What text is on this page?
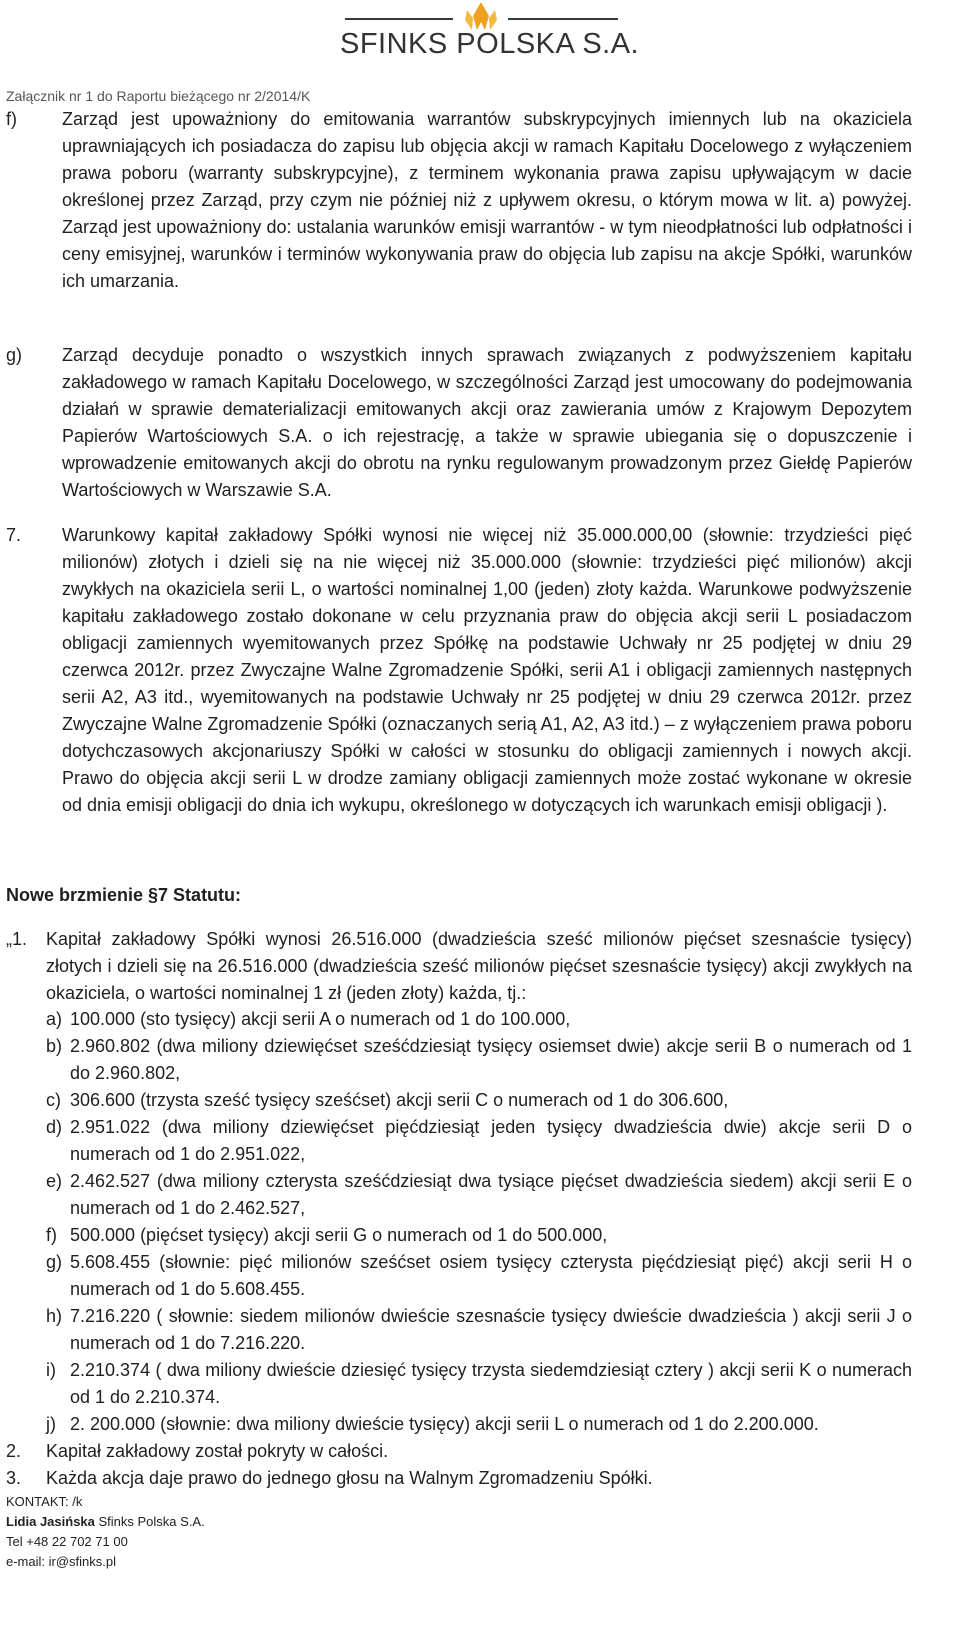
SFINKS POLSKA S.A.
Załącznik nr 1 do Raportu bieżącego nr 2/2014/K
f)	Zarząd jest upoważniony do emitowania warrantów subskrypcyjnych imiennych lub na okaziciela uprawniających ich posiadacza do zapisu lub objęcia akcji w ramach Kapitału Docelowego z wyłączeniem prawa poboru (warranty subskrypcyjne), z terminem wykonania prawa zapisu upływającym w dacie określonej przez Zarząd, przy czym nie później niż z upływem okresu, o którym mowa w lit. a) powyżej. Zarząd jest upoważniony do: ustalania warunków emisji warrantów - w tym nieodpłatności lub odpłatności i ceny emisyjnej, warunków i terminów wykonywania praw do objęcia lub zapisu na akcje Spółki, warunków ich umarzania.
g) Zarząd decyduje ponadto o wszystkich innych sprawach związanych z podwyższeniem kapitału zakładowego w ramach Kapitału Docelowego, w szczególności Zarząd jest umocowany do podejmowania działań w sprawie dematerializacji emitowanych akcji oraz zawierania umów z Krajowym Depozytem Papierów Wartościowych S.A. o ich rejestrację, a także w sprawie ubiegania się o dopuszczenie i wprowadzenie emitowanych akcji do obrotu na rynku regulowanym prowadzonym przez Giełdę Papierów Wartościowych w Warszawie S.A.
7. Warunkowy kapitał zakładowy Spółki wynosi nie więcej niż 35.000.000,00 (słownie: trzydzieści pięć milionów) złotych i dzieli się na nie więcej niż 35.000.000 (słownie: trzydzieści pięć milionów) akcji zwykłych na okaziciela serii L, o wartości nominalnej 1,00 (jeden) złoty każda. Warunkowe podwyższenie kapitału zakładowego zostało dokonane w celu przyznania praw do objęcia akcji serii L posiadaczom obligacji zamiennych wyemitowanych przez Spółkę na podstawie Uchwały nr 25 podjętej w dniu 29 czerwca 2012r. przez Zwyczajne Walne Zgromadzenie Spółki, serii A1 i obligacji zamiennych następnych serii A2, A3 itd., wyemitowanych na podstawie Uchwały nr 25 podjętej w dniu 29 czerwca 2012r. przez Zwyczajne Walne Zgromadzenie Spółki (oznaczanych serią A1, A2, A3 itd.) – z wyłączeniem prawa poboru dotychczasowych akcjonariuszy Spółki w całości w stosunku do obligacji zamiennych i nowych akcji. Prawo do objęcia akcji serii L w drodze zamiany obligacji zamiennych może zostać wykonane w okresie od dnia emisji obligacji do dnia ich wykupu, określonego w dotyczących ich warunkach emisji obligacji ).
Nowe brzmienie §7 Statutu:
„1. Kapitał zakładowy Spółki wynosi 26.516.000 (dwadzieścia sześć milionów pięćset szesnaście tysięcy) złotych i dzieli się na 26.516.000 (dwadzieścia sześć milionów pięćset szesnaście tysięcy) akcji zwykłych na okaziciela, o wartości nominalnej 1 zł (jeden złoty) każda, tj.:
a) 100.000 (sto tysięcy) akcji serii A o numerach od 1 do 100.000,
b) 2.960.802 (dwa miliony dziewięćset sześćdziesiąt tysięcy osiemset dwie) akcje serii B o numerach od 1 do 2.960.802,
c) 306.600 (trzysta sześć tysięcy sześćset) akcji serii C o numerach od 1 do 306.600,
d) 2.951.022 (dwa miliony dziewięćset pięćdziesiąt jeden tysięcy dwadzieścia dwie) akcje serii D o numerach od 1 do 2.951.022,
e) 2.462.527 (dwa miliony czterysta sześćdziesiąt dwa tysiące pięćset dwadzieścia siedem) akcji serii E o numerach od 1 do 2.462.527,
f) 500.000 (pięćset tysięcy) akcji serii G o numerach od 1 do 500.000,
g) 5.608.455 (słownie: pięć milionów sześćset osiem tysięcy czterysta pięćdziesiąt pięć) akcji serii H o numerach od 1 do 5.608.455.
h) 7.216.220 ( słownie: siedem milionów dwieście szesnaście tysięcy dwieście dwadzieścia ) akcji serii J o numerach od 1 do 7.216.220.
i) 2.210.374 ( dwa miliony dwieście dziesięć tysięcy trzysta siedemdziesiąt cztery ) akcji serii K o numerach od 1 do 2.210.374.
j) 2. 200.000 (słownie: dwa miliony dwieście tysięcy) akcji serii L o numerach od 1 do 2.200.000.
2. Kapitał zakładowy został pokryty w całości.
3. Każda akcja daje prawo do jednego głosu na Walnym Zgromadzeniu Spółki.
KONTAKT: /k
Lidia Jasińska Sfinks Polska S.A.
Tel +48 22 702 71 00
e-mail: ir@sfinks.pl
